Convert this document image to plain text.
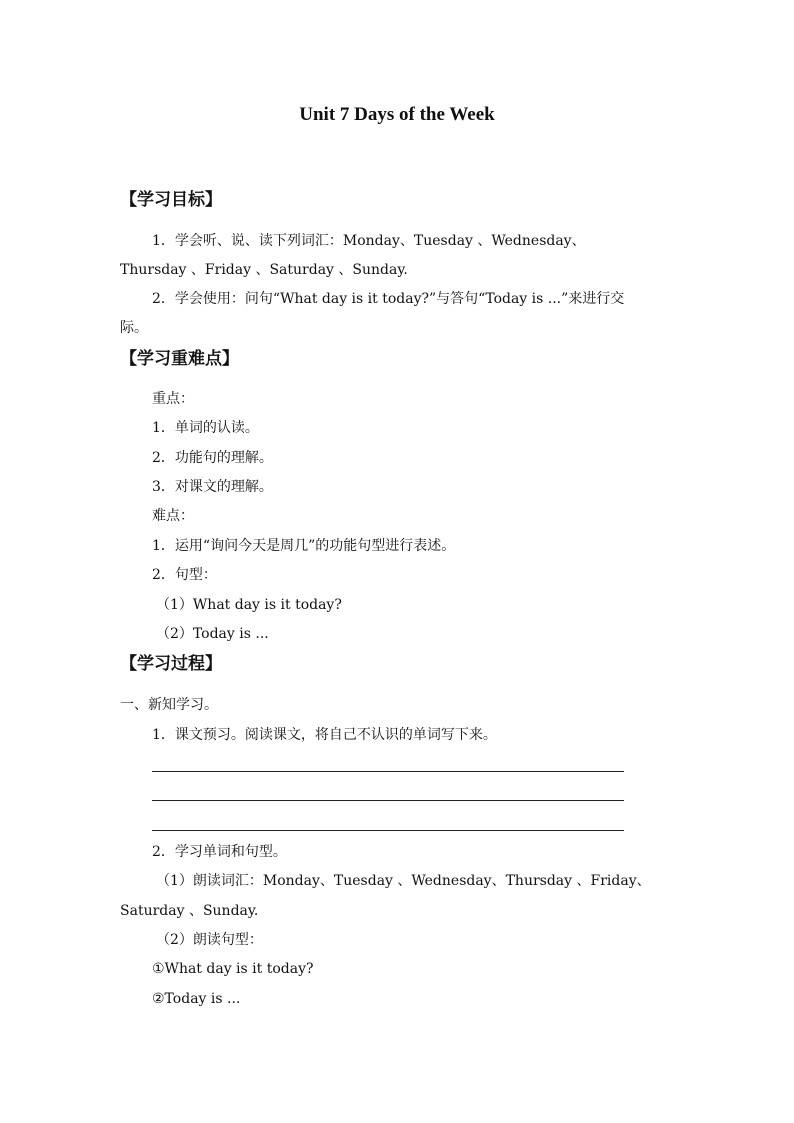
Unit 7 Days of the Week
【学习目标】
1．学会听、说、读下列词汇：Monday、Tuesday 、Wednesday、
Thursday 、Friday 、Saturday 、Sunday.
2．学会使用：问句“What day is it today?”与答句“Today is ...”来进行交
际。
【学习重难点】
重点：
1．单词的认读。
2．功能句的理解。
3．对课文的理解。
难点：
1．运用“询问今天是周几”的功能句型进行表述。
2．句型：
（1）What day is it today?
（2）Today is ...
【学习过程】
一、新知学习。
1．课文预习。阅读课文，将自己不认识的单词写下来。
2．学习单词和句型。
（1）朗读词汇：Monday、Tuesday 、Wednesday、Thursday 、Friday、
Saturday 、Sunday.
（2）朗读句型：
①What day is it today?
②Today is ...
